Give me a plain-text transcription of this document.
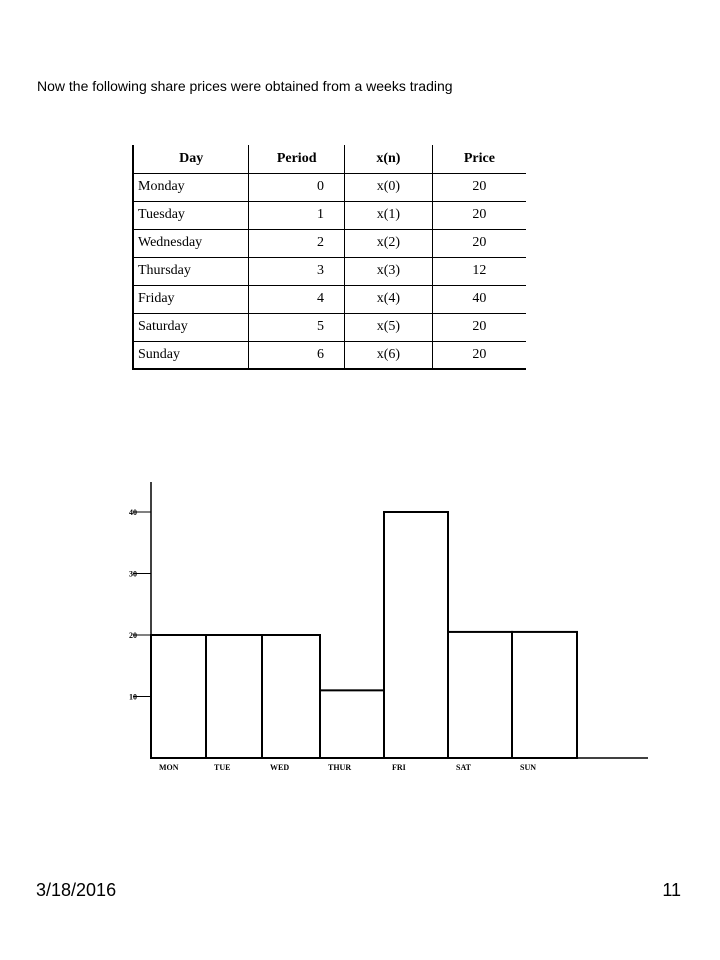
Now the following share prices were obtained from a weeks trading
Day	Period	x(n)	Price
Monday	0	x(0)	20
Tuesday	1	x(1)	20
Wednesday	2	x(2)	20
Thursday	3	x(3)	12
Friday	4	x(4)	40
Saturday	5	x(5)	20
Sunday	6	x(6)	20
10
20
30
40
MON	TUE	WED	THUR	FRI	SAT	SUN
3/18/2016	11
